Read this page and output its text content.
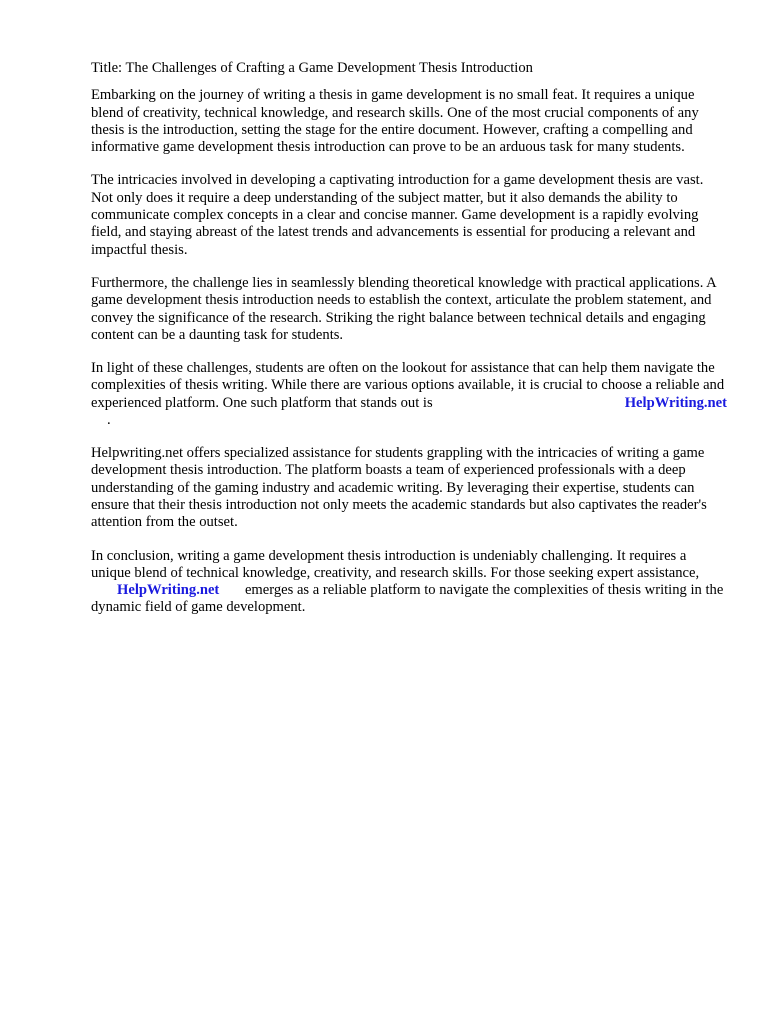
Title: The Challenges of Crafting a Game Development Thesis Introduction

Embarking on the journey of writing a thesis in game development is no small feat. It requires a unique blend of creativity, technical knowledge, and research skills. One of the most crucial components of any thesis is the introduction, setting the stage for the entire document. However, crafting a compelling and informative game development thesis introduction can prove to be an arduous task for many students.

The intricacies involved in developing a captivating introduction for a game development thesis are vast. Not only does it require a deep understanding of the subject matter, but it also demands the ability to communicate complex concepts in a clear and concise manner. Game development is a rapidly evolving field, and staying abreast of the latest trends and advancements is essential for producing a relevant and impactful thesis.

Furthermore, the challenge lies in seamlessly blending theoretical knowledge with practical applications. A game development thesis introduction needs to establish the context, articulate the problem statement, and convey the significance of the research. Striking the right balance between technical details and engaging content can be a daunting task for students.

In light of these challenges, students are often on the lookout for assistance that can help them navigate the complexities of thesis writing. While there are various options available, it is crucial to choose a reliable and experienced platform. One such platform that stands out is	HelpWriting.net
.

Helpwriting.net offers specialized assistance for students grappling with the intricacies of writing a game development thesis introduction. The platform boasts a team of experienced professionals with a deep understanding of the gaming industry and academic writing. By leveraging their expertise, students can ensure that their thesis introduction not only meets the academic standards but also captivates the reader's attention from the outset.

In conclusion, writing a game development thesis introduction is undeniably challenging. It requires a unique blend of technical knowledge, creativity, and research skills. For those seeking expert assistance, HelpWriting.net emerges as a reliable platform to navigate the complexities of thesis writing in the dynamic field of game development.
